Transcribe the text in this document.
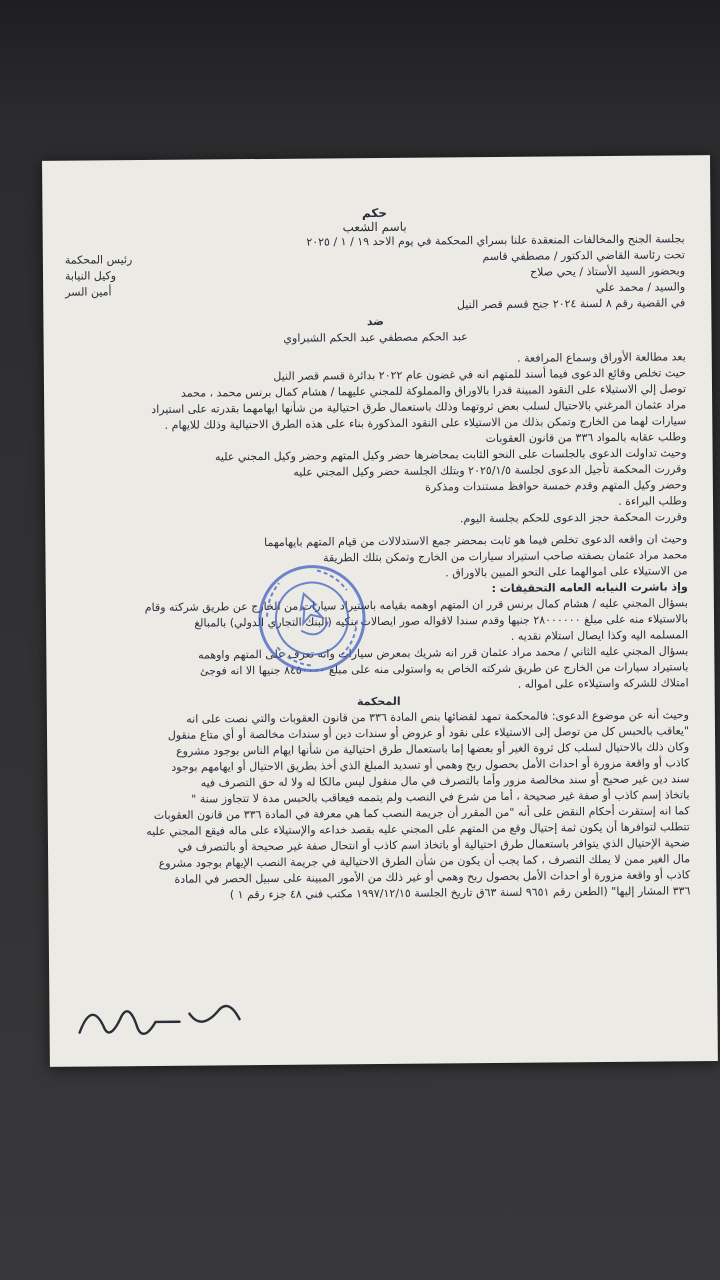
حكم
باسم الشعب
بجلسة الجنح والمخالفات المنعقدة علنا بسراي المحكمة في يوم الاحد ١٩ / ١ / ٢٠٢٥
تحت رئاسة القاضي الدكتور / مصطفي قاسم
رئيس المحكمة
وبحضور السيد الأستاذ / يحي صلاح
وكيل النيابة
والسيد / محمد علي
أمين السر
في القضية رقم ٨ لسنة ٢٠٢٤ جنح قسم قصر النيل
ضد
عبد الحكم مصطفي عبد الحكم الشبراوي
بعد مطالعة الأوراق وسماع المرافعة .
حيث تخلص وقائع الدعوى فيما أسند للمتهم انه في غضون عام ٢٠٢٢ بدائرة قسم قصر النيل
توصل إلي الاستيلاء على النقود المبينة قدرا بالاوراق والمملوكة للمجني عليهما / هشام كمال برنس محمد ، محمد
مراد عثمان المرغني بالاحتيال لسلب بعض ثروتهما وذلك باستعمال طرق احتيالية من شأنها ايهامهما بقدرته على استيراد
سيارات لهما من الخارج وتمكن بذلك من الاستيلاء على النقود المذكورة بناء على هذه الطرق الاحتيالية وذلك للايهام .
وطلب عقابه بالمواد ٣٣٦ من قانون العقوبات
وحيث تداولت الدعوى بالجلسات على النحو الثابت بمحاضرها حضر وكيل المتهم وحضر وكيل المجني عليه
وقررت المحكمة تأجيل الدعوى لجلسة ٢٠٢٥/١/٥ وبتلك الجلسة حضر وكيل المجني عليه
وحضر وكيل المتهم وقدم خمسة حوافظ مستندات ومذكرة
وطلب البراءة .
وقررت المحكمة حجز الدعوى للحكم بجلسة اليوم.
وحيث ان واقعه الدعوى تخلص فيما هو ثابت بمحضر جمع الاستدلالات من قيام المتهم بايهامهما
محمد مراد عثمان بصفته صاحب استيراد سيارات من الخارج وتمكن بتلك الطريقة
من الاستيلاء على اموالهما على النحو المبين بالاوراق .
وإذ باشرت النيابه العامه التحقيقات :
بسؤال المجني عليه / هشام كمال برنس قرر ان المتهم اوهمه بقيامه باستيراد سيارات من الخارج عن طريق شركته وقام
بالاستيلاء منه على مبلغ ٢٨٠٠٠٠٠٠ جنيها وقدم سندا لاقواله صور ايصالات بنكيه (البنك التجاري الدولي) بالمبالغ
المسلمه اليه وكذا ايصال استلام نقديه .
بسؤال المجني عليه الثاني / محمد مراد عثمان قرر انه شريك بمعرض سيارات وانه تعرف على المتهم واوهمه
باستيراد سيارات من الخارج عن طريق شركته الخاص به واستولى منه على مبلغ ٨٤٥٠٠٠٠ جنيها الا انه فوجئ
امتلاك للشركه واستيلاءه على امواله .
المحكمة
وحيث أنه عن موضوع الدعوى: فالمحكمة تمهد لقضائها بنص المادة ٣٣٦ من قانون العقوبات والتي نصت على انه
"يعاقب بالحبس كل من توصل إلى الاستيلاء على نقود أو عروض أو سندات دين أو سندات مخالصة أو أي متاع منقول
وكان ذلك بالاحتيال لسلب كل ثروة الغير أو بعضها إما باستعمال طرق احتيالية من شأنها ايهام الناس بوجود مشروع
كاذب أو واقعة مزورة أو احداث الأمل بحصول ربح وهمي أو تسديد المبلغ الذي أخذ بطريق الاحتيال أو ايهامهم بوجود
سند دين غير صحيح أو سند مخالصة مزور وأما بالتصرف في مال منقول ليس مالكا له ولا له حق التصرف فيه
باتخاذ إسم كاذب أو صفة غير صحيحة ، أما من شرع في النصب ولم يتممه فيعاقب بالحبس مدة لا تتجاوز سنة "
كما انه إستقرت أحكام النقض على أنه "من المقرر أن جريمة النصب كما هي معرفة في المادة ٣٣٦ من قانون العقوبات
تتطلب لتوافرها أن يكون ثمة إحتيال وقع من المتهم على المجني عليه بقصد خداعه والإستيلاء على ماله فيقع المجني عليه
ضحية الإحتيال الذي يتوافر باستعمال طرق احتيالية أو باتخاذ اسم كاذب أو انتحال صفة غير صحيحة أو بالتصرف في
مال الغير ممن لا يملك التصرف ، كما يجب أن يكون من شأن الطرق الاحتيالية في جريمة النصب الإيهام بوجود مشروع
كاذب أو واقعة مزورة أو احداث الأمل بحصول ربح وهمي أو غير ذلك من الأمور المبينة على سبيل الحصر في المادة
٣٣٦ المشار إليها" (الطعن رقم ٩٦٥١ لسنة ٦٣ق تاريخ الجلسة ١٩٩٧/١٢/١٥ مكتب فني ٤٨ جزء رقم ١ )
